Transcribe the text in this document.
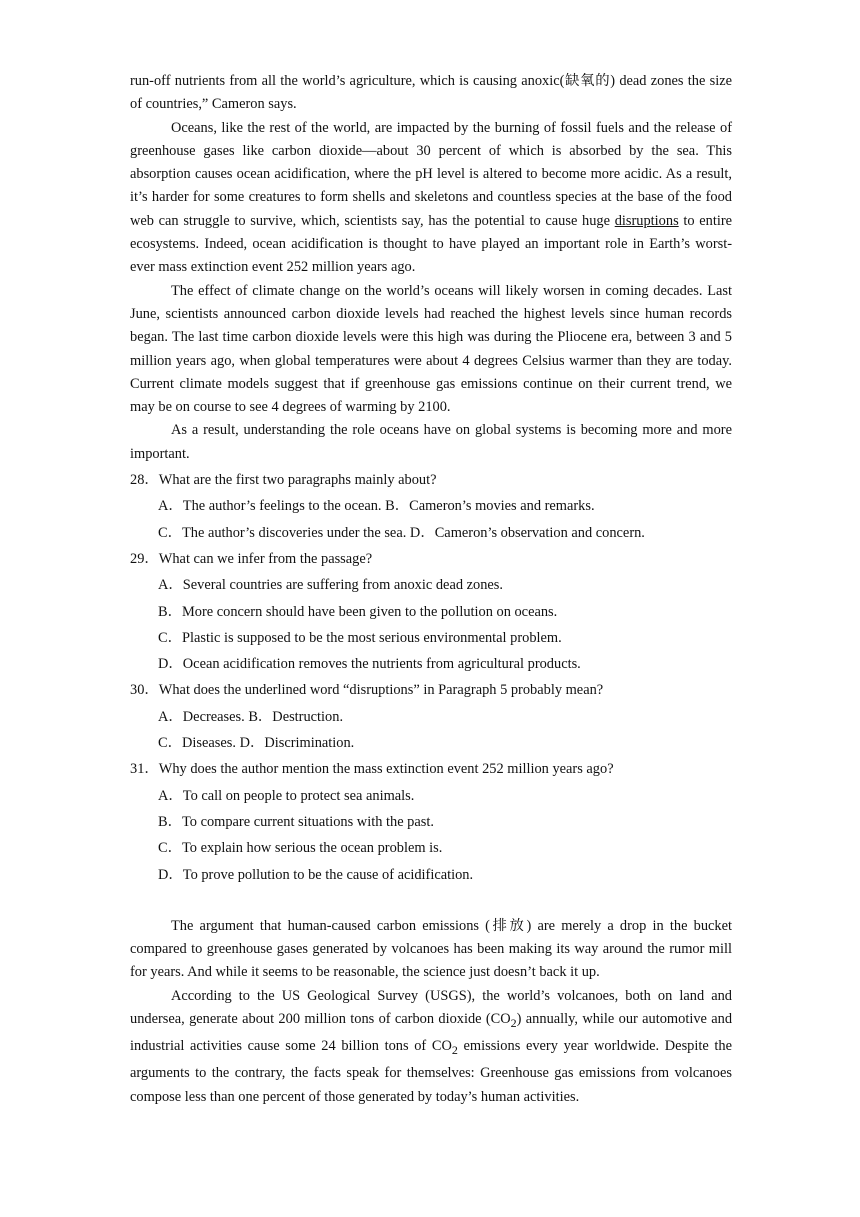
run-off nutrients from all the world’s agriculture, which is causing anoxic(缺氧的) dead zones the size of countries,” Cameron says.

Oceans, like the rest of the world, are impacted by the burning of fossil fuels and the release of greenhouse gases like carbon dioxide—about 30 percent of which is absorbed by the sea. This absorption causes ocean acidification, where the pH level is altered to become more acidic. As a result, it’s harder for some creatures to form shells and skeletons and countless species at the base of the food web can struggle to survive, which, scientists say, has the potential to cause huge disruptions to entire ecosystems. Indeed, ocean acidification is thought to have played an important role in Earth’s worst-ever mass extinction event 252 million years ago.

The effect of climate change on the world’s oceans will likely worsen in coming decades. Last June, scientists announced carbon dioxide levels had reached the highest levels since human records began. The last time carbon dioxide levels were this high was during the Pliocene era, between 3 and 5 million years ago, when global temperatures were about 4 degrees Celsius warmer than they are today. Current climate models suggest that if greenhouse gas emissions continue on their current trend, we may be on course to see 4 degrees of warming by 2100.

As a result, understanding the role oceans have on global systems is becoming more and more important.

28．What are the first two paragraphs mainly about?
A．The author’s feelings to the ocean. B．Cameron’s movies and remarks.
C．The author’s discoveries under the sea. D．Cameron’s observation and concern.
29．What can we infer from the passage?
A．Several countries are suffering from anoxic dead zones.
B．More concern should have been given to the pollution on oceans.
C．Plastic is supposed to be the most serious environmental problem.
D．Ocean acidification removes the nutrients from agricultural products.
30．What does the underlined word “disruptions” in Paragraph 5 probably mean?
A．Decreases. B．Destruction.
C．Diseases. D．Discrimination.
31．Why does the author mention the mass extinction event 252 million years ago?
A．To call on people to protect sea animals.
B．To compare current situations with the past.
C．To explain how serious the ocean problem is.
D．To prove pollution to be the cause of acidification.

The argument that human-caused carbon emissions (排放) are merely a drop in the bucket compared to greenhouse gases generated by volcanoes has been making its way around the rumor mill for years. And while it seems to be reasonable, the science just doesn’t back it up.

According to the US Geological Survey (USGS), the world’s volcanoes, both on land and undersea, generate about 200 million tons of carbon dioxide $(CO_2)$ annually, while our automotive and industrial activities cause some 24 billion tons of $CO_2$ emissions every year worldwide. Despite the arguments to the contrary, the facts speak for themselves: Greenhouse gas emissions from volcanoes compose less than one percent of those generated by today’s human activities.
